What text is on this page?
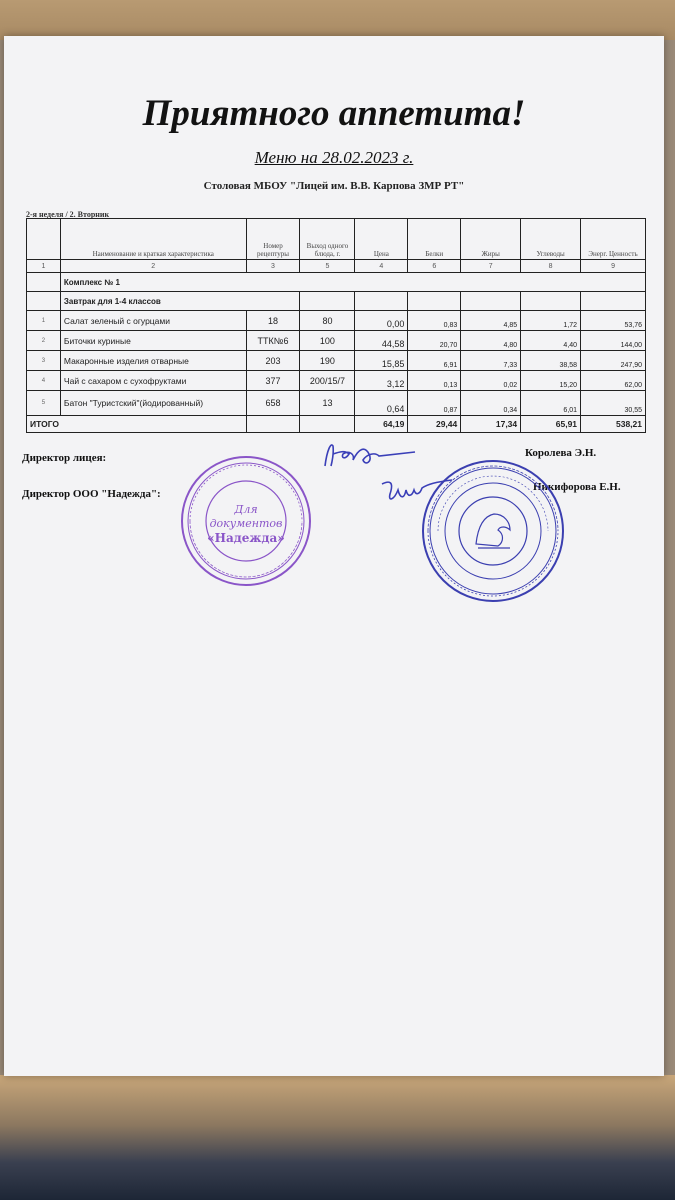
Приятного аппетита!
Меню на 28.02.2023 г.
Столовая МБОУ "Лицей им. В.В. Карпова ЗМР РТ"
2-я неделя / 2. Вторник
	Наименование и краткая характеристика	Номер рецептуры	Выход одного блюда, г.	Цена	Белки	Жиры	Углеводы	Энерг. Ценность
1	2	3	5	4	6	7	8	9
	Комплекс № 1							
	Завтрак для 1-4 классов							
1	Салат зеленый с огурцами	18	80	0,00	0,83	4,85	1,72	53,76
2	Биточки куриные	ТТК№6	100	44,58	20,70	4,80	4,40	144,00
3	Макаронные изделия отварные	203	190	15,85	6,91	7,33	38,58	247,90
4	Чай с сахаром с сухофруктами	377	200/15/7	3,12	0,13	0,02	15,20	62,00
5	Батон "Туристский"(йодированный)	658	13	0,64	0,87	0,34	6,01	30,55
ИТОГО				64,19	29,44	17,34	65,91	538,21
Директор лицея:	Королева Э.Н.
Директор ООО "Надежда":
Никифорова Е.Н.
Для
документов
«Надежда»
